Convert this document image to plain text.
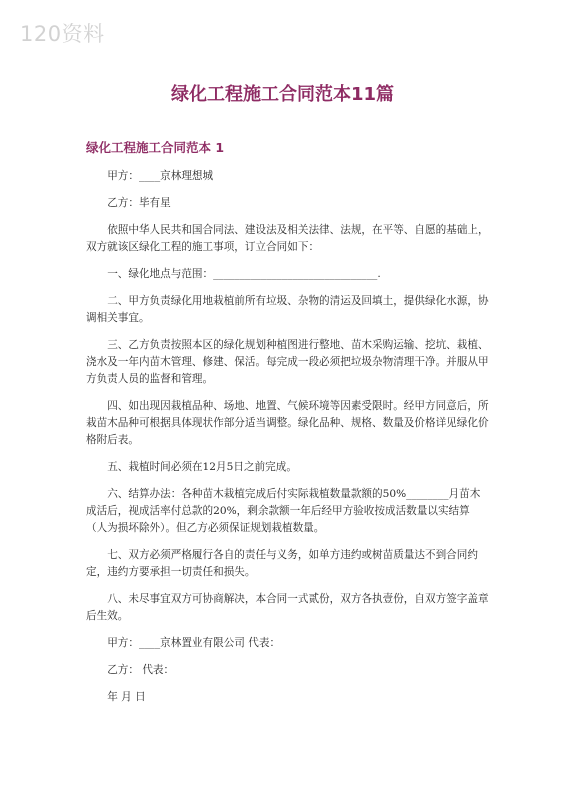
120资料
绿化工程施工合同范本11篇
绿化工程施工合同范本 1

甲方：____京林理想城

乙方：毕有星

依照中华人民共和国合同法、建设法及相关法律、法规，在平等、自愿的基础上，双方就该区绿化工程的施工事项，订立合同如下：

一、绿化地点与范围：_______________________________.

二、甲方负责绿化用地栽植前所有垃圾、杂物的清运及回填土，提供绿化水源，协调相关事宜。

三、乙方负责按照本区的绿化规划种植图进行整地、苗木采购运输、挖坑、栽植、浇水及一年内苗木管理、修建、保活。每完成一段必须把垃圾杂物清理干净。并服从甲方负责人员的监督和管理。

四、如出现因栽植品种、场地、地置、气候环境等因素受限时。经甲方同意后，所栽苗木品种可根据具体现状作部分适当调整。绿化品种、规格、数量及价格详见绿化价格附后表。

五、栽植时间必须在12月5日之前完成。

六、结算办法：各种苗木栽植完成后付实际栽植数量款额的50%________月苗木成活后，视成活率付总款的20%，剩余款额一年后经甲方验收按成活数量以实结算（人为损坏除外）。但乙方必须保证规划栽植数量。

七、双方必须严格履行各自的责任与义务，如单方违约或树苗质量达不到合同约定，违约方要承担一切责任和损失。

八、未尽事宜双方可协商解决，本合同一式贰份，双方各执壹份，自双方签字盖章后生效。

甲方：____京林置业有限公司 代表：

乙方： 代表：

年 月 日
